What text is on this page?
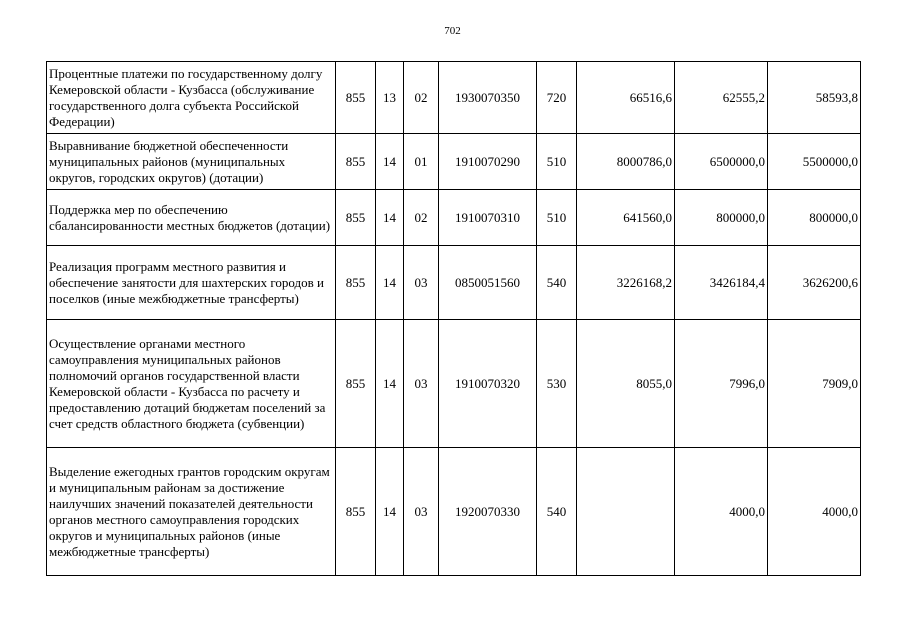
702
Процентные платежи по государственному долгу Кемеровской области - Кузбасса (обслуживание государственного долга субъекта Российской Федерации)	855	13	02	1930070350	720	66516,6	62555,2	58593,8
Выравнивание бюджетной обеспеченности муниципальных районов (муниципальных округов, городских округов) (дотации)	855	14	01	1910070290	510	8000786,0	6500000,0	5500000,0
Поддержка мер по обеспечению сбалансированности местных бюджетов (дотации)	855	14	02	1910070310	510	641560,0	800000,0	800000,0
Реализация программ местного развития и обеспечение занятости для шахтерских городов и поселков (иные межбюджетные трансферты)	855	14	03	0850051560	540	3226168,2	3426184,4	3626200,6
Осуществление органами местного самоуправления муниципальных районов полномочий органов государственной власти Кемеровской области - Кузбасса по расчету и предоставлению дотаций бюджетам поселений за счет средств областного бюджета (субвенции)	855	14	03	1910070320	530	8055,0	7996,0	7909,0
Выделение ежегодных грантов городским округам и муниципальным районам за достижение наилучших значений показателей деятельности органов местного самоуправления городских округов и муниципальных районов (иные межбюджетные трансферты)	855	14	03	1920070330	540		4000,0	4000,0
